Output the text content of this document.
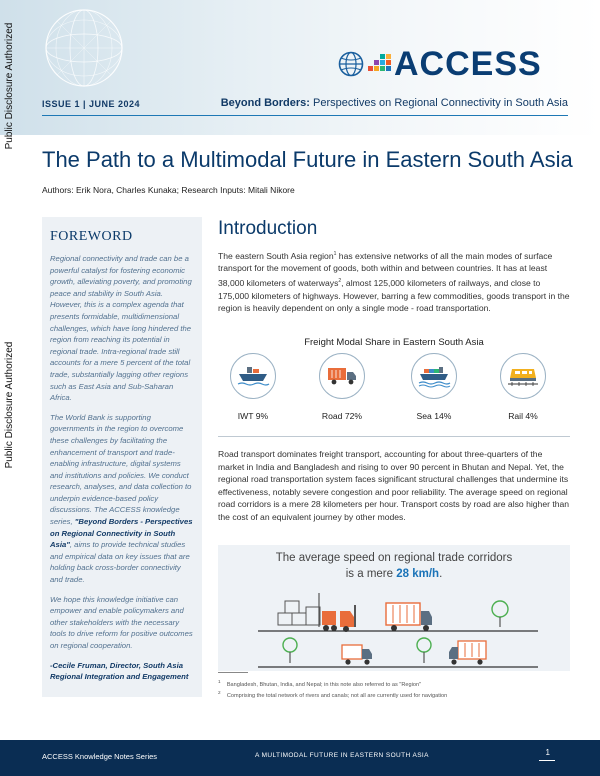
ACCESS
ISSUE 1 | JUNE 2024	Beyond Borders: Perspectives on Regional Connectivity in South Asia
Public Disclosure Authorized
Public Disclosure Authorized
The Path to a Multimodal Future in Eastern South Asia
Authors: Erik Nora, Charles Kunaka; Research Inputs: Mitali Nikore
FOREWORD

Regional connectivity and trade can be a powerful catalyst for fostering economic growth, alleviating poverty, and promoting peace and stability in South Asia. However, this is a complex agenda that presents formidable, multidimensional challenges, which have long hindered the region from reaching its potential in regional trade. Intra-regional trade still accounts for a mere 5 percent of the total trade, substantially lagging other regions such as East Asia and Sub-Saharan Africa.

The World Bank is supporting governments in the region to overcome these challenges by facilitating the enhancement of transport and trade-enabling infrastructure, digital systems and institutions and policies. We conduct research, analyses, and data collection to underpin evidence-based policy discussions. The ACCESS knowledge series, "Beyond Borders - Perspectives on Regional Connectivity in South Asia", aims to provide technical studies and empirical data on key issues that are holding back cross-border connectivity and trade.

We hope this knowledge initiative can empower and enable policymakers and other stakeholders with the necessary tools to drive reform for positive outcomes on regional cooperation.

-Cecile Fruman, Director, South Asia Regional Integration and Engagement

Introduction

The eastern South Asia region$^1$ has extensive networks of all the main modes of surface transport for the movement of goods, both within and between countries. It has at least 38,000 kilometers of waterways$^2$, almost 125,000 kilometers of railways, and close to 175,000 kilometers of highways. However, barring a few commodities, goods transport in the region is heavily dependent on only a single mode - road transportation.

Freight Modal Share in Eastern South Asia
IWT 9%	Road 72%	Sea 14%	Rail 4%

Road transport dominates freight transport, accounting for about three-quarters of the market in India and Bangladesh and rising to over 90 percent in Bhutan and Nepal. Yet, the regional road transportation system faces significant structural challenges that undermine its effectiveness, notably severe congestion and poor reliability. The average speed on regional road corridors is a mere 28 kilometers per hour. Transport costs by road are also higher than the cost of an equivalent journey by other modes.

The average speed on regional trade corridors
is a mere 28 km/h.
$^1$    Bangladesh, Bhutan, India, and Nepal; in this note also referred to as "Region"
$^2$    Comprising the total network of rivers and canals; not all are currently used for navigation
ACCESS Knowledge Notes Series	A MULTIMODAL FUTURE IN EASTERN SOUTH ASIA	1
